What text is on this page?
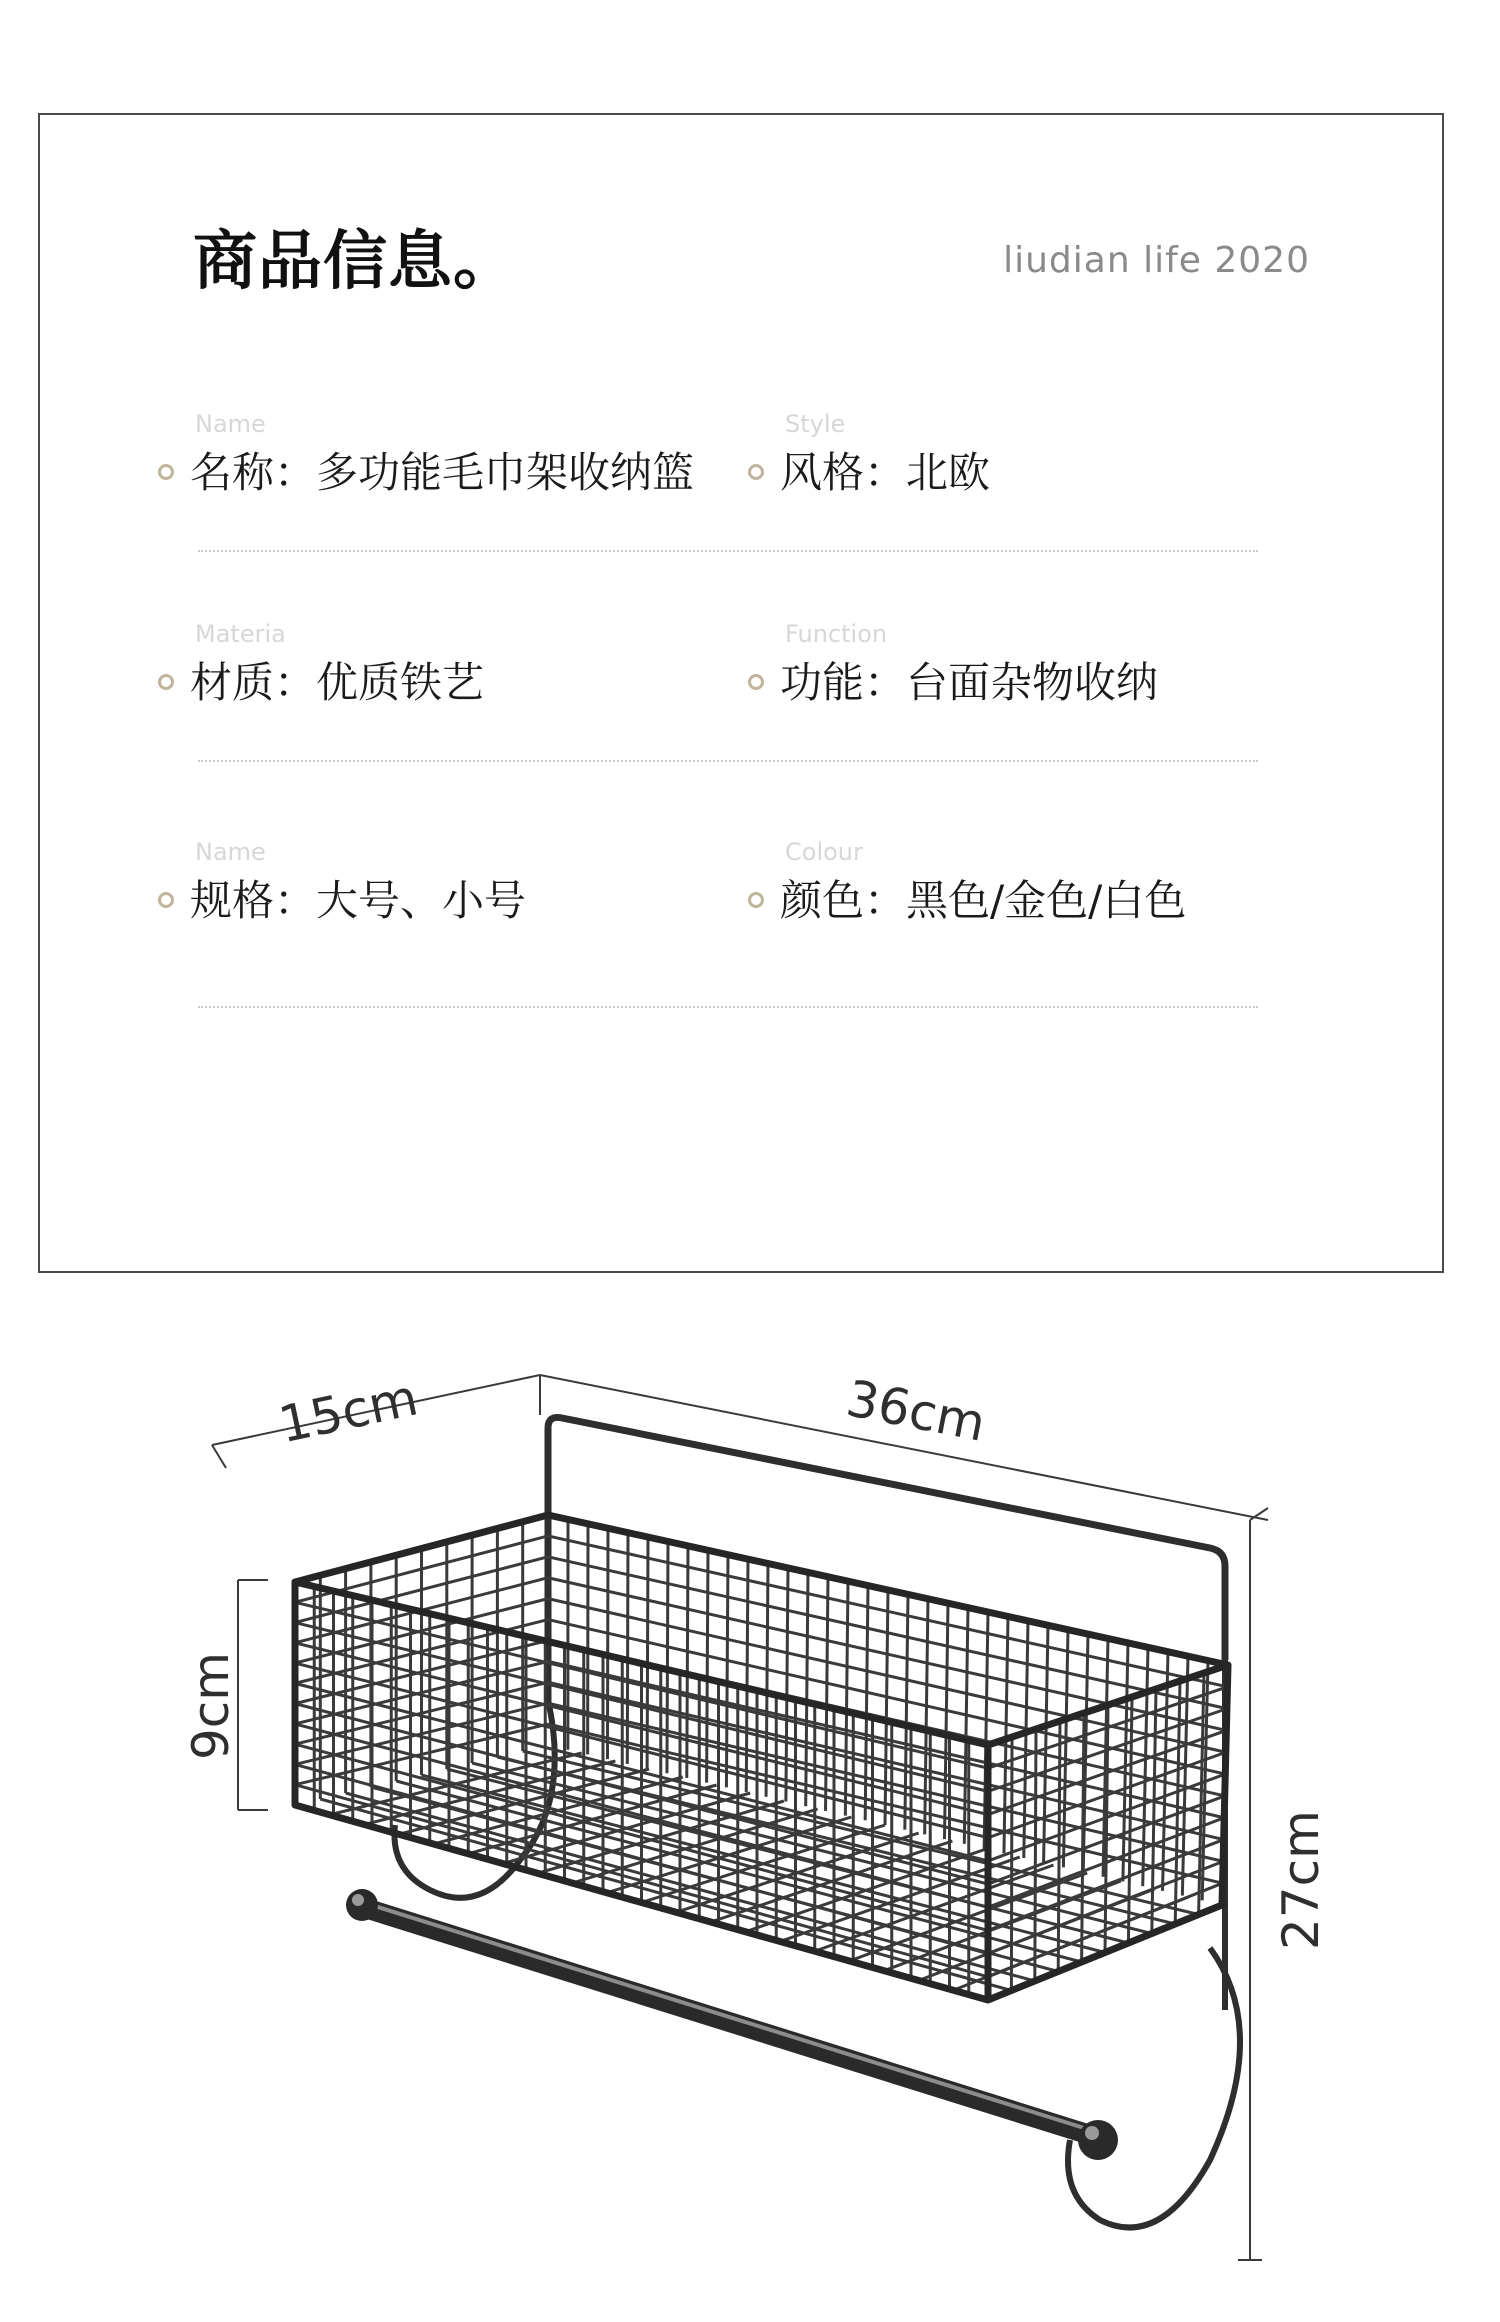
商品信息。	liudian life 2020
Name
名称：多功能毛巾架收纳篮
Style
风格：北欧
Materia
材质：优质铁艺
Function
功能：台面杂物收纳
Name
规格：大号、小号
Colour
颜色：黑色/金色/白色
15cm	36cm
9cm
27cm
